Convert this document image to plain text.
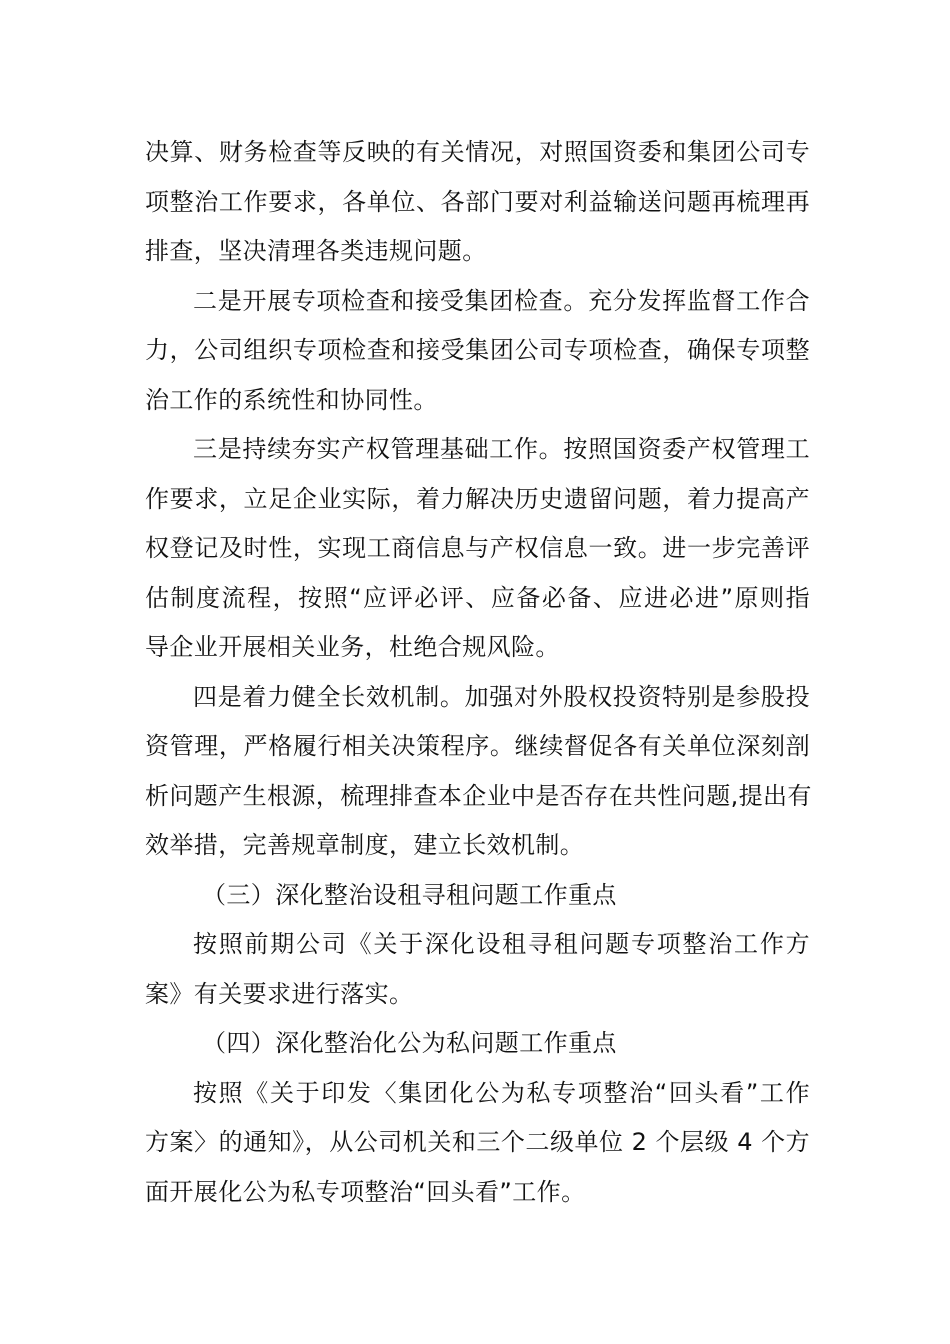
决算、财务检查等反映的有关情况，对照国资委和集团公司专
项整治工作要求，各单位、各部门要对利益输送问题再梳理再
排查，坚决清理各类违规问题。
二是开展专项检查和接受集团检查。充分发挥监督工作合
力，公司组织专项检查和接受集团公司专项检查，确保专项整
治工作的系统性和协同性。
三是持续夯实产权管理基础工作。按照国资委产权管理工
作要求，立足企业实际，着力解决历史遗留问题，着力提高产
权登记及时性，实现工商信息与产权信息一致。进一步完善评
估制度流程，按照“应评必评、应备必备、应进必进”原则指
导企业开展相关业务，杜绝合规风险。
四是着力健全长效机制。加强对外股权投资特别是参股投
资管理，严格履行相关决策程序。继续督促各有关单位深刻剖
析问题产生根源，梳理排查本企业中是否存在共性问题,提出有
效举措，完善规章制度，建立长效机制。
（三）深化整治设租寻租问题工作重点
按照前期公司《关于深化设租寻租问题专项整治工作方
案》有关要求进行落实。
（四）深化整治化公为私问题工作重点
按照《关于印发〈集团化公为私专项整治“回头看”工作
方案〉的通知》，从公司机关和三个二级单位 2 个层级 4 个方
面开展化公为私专项整治“回头看”工作。
